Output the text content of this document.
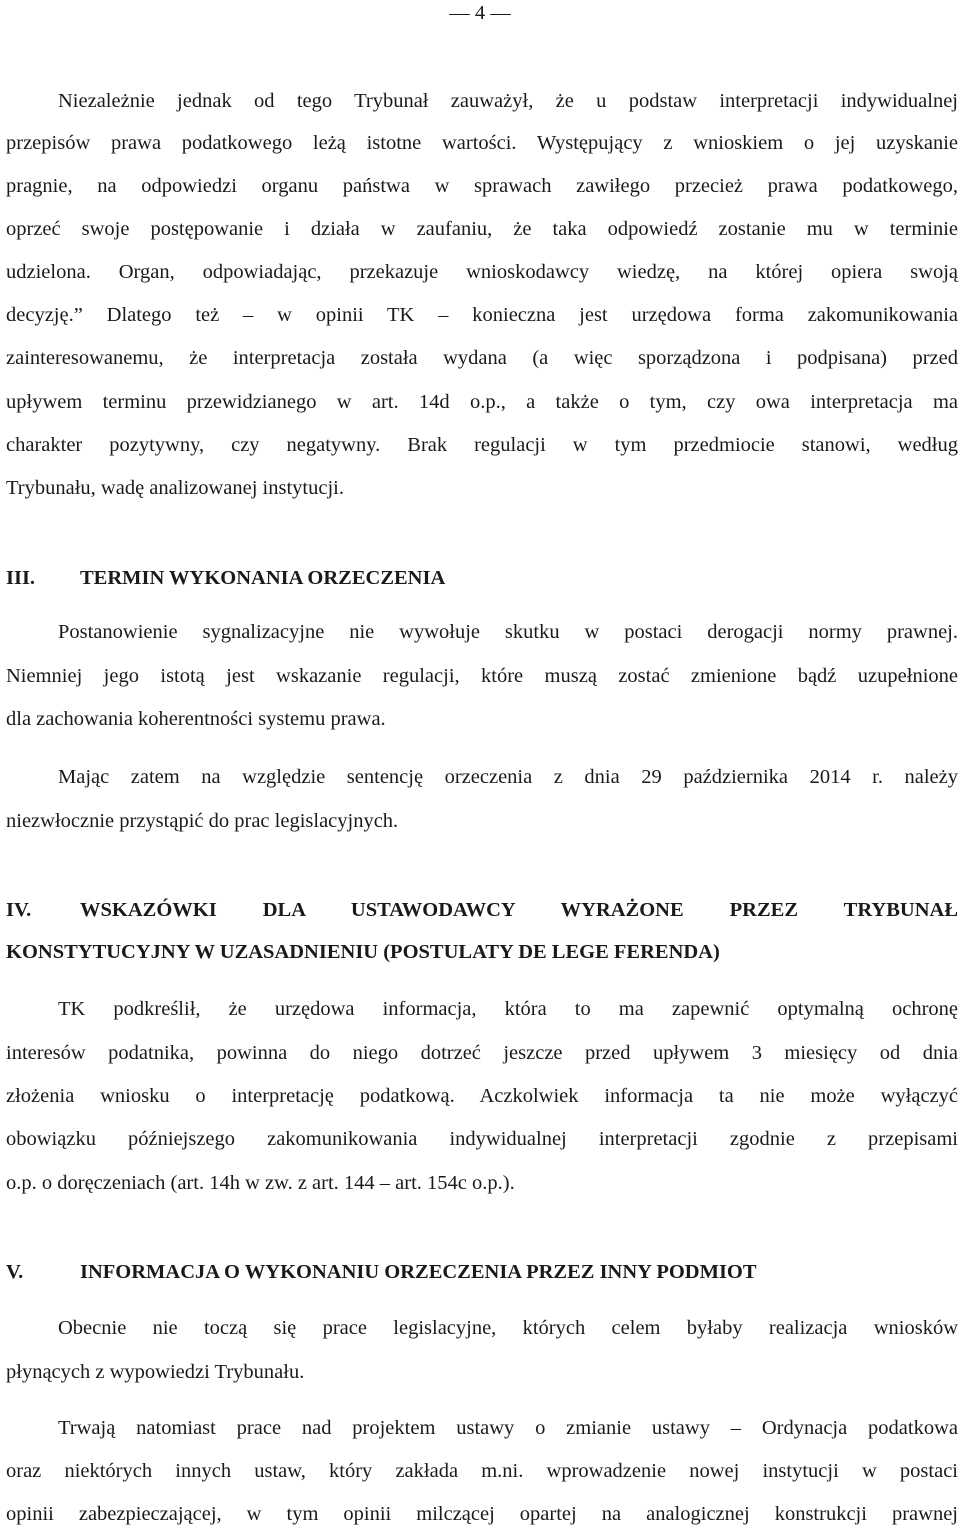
— 4 —
Niezależnie jednak od tego Trybunał zauważył, że u podstaw interpretacji indywidualnej
przepisów prawa podatkowego leżą istotne wartości. Występujący z wnioskiem o jej uzyskanie
pragnie, na odpowiedzi organu państwa w sprawach zawiłego przecież prawa podatkowego,
oprzeć swoje postępowanie i działa w zaufaniu, że taka odpowiedź zostanie mu w terminie
udzielona. Organ, odpowiadając, przekazuje wnioskodawcy wiedzę, na której opiera swoją
decyzję.” Dlatego też – w opinii TK – konieczna jest urzędowa forma zakomunikowania
zainteresowanemu, że interpretacja została wydana (a więc sporządzona i podpisana) przed
upływem terminu przewidzianego w art. 14d o.p., a także o tym, czy owa interpretacja ma
charakter pozytywny, czy negatywny. Brak regulacji w tym przedmiocie stanowi, według
Trybunału, wadę analizowanej instytucji.
III. TERMIN WYKONANIA ORZECZENIA
Postanowienie sygnalizacyjne nie wywołuje skutku w postaci derogacji normy prawnej.
Niemniej jego istotą jest wskazanie regulacji, które muszą zostać zmienione bądź uzupełnione
dla zachowania koherentności systemu prawa.
Mając zatem na względzie sentencję orzeczenia z dnia 29 października 2014 r. należy
niezwłocznie przystąpić do prac legislacyjnych.
IV. WSKAZÓWKI DLA USTAWODAWCY WYRAŻONE PRZEZ TRYBUNAŁ
KONSTYTUCYJNY W UZASADNIENIU (POSTULATY DE LEGE FERENDA)
TK podkreślił, że urzędowa informacja, która to ma zapewnić optymalną ochronę
interesów podatnika, powinna do niego dotrzeć jeszcze przed upływem 3 miesięcy od dnia
złożenia wniosku o interpretację podatkową. Aczkolwiek informacja ta nie może wyłączyć
obowiązku późniejszego zakomunikowania indywidualnej interpretacji zgodnie z przepisami
o.p. o doręczeniach (art. 14h w zw. z art. 144 – art. 154c o.p.).
V.	INFORMACJA O WYKONANIU ORZECZENIA PRZEZ INNY PODMIOT
Obecnie nie toczą się prace legislacyjne, których celem byłaby realizacja wniosków
płynących z wypowiedzi Trybunału.
Trwają natomiast prace nad projektem ustawy o zmianie ustawy – Ordynacja podatkowa
oraz niektórych innych ustaw, który zakłada m.ni. wprowadzenie nowej instytucji w postaci
opinii zabezpieczającej, w tym opinii milczącej opartej na analogicznej konstrukcji prawnej
